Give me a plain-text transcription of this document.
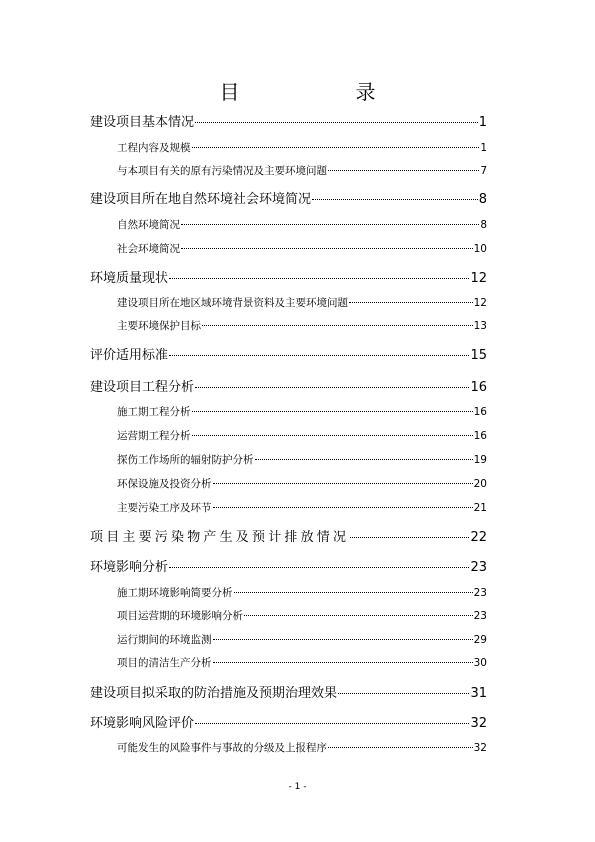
目　录
建设项目基本情况	1
工程内容及规模	1
与本项目有关的原有污染情况及主要环境问题	7
建设项目所在地自然环境社会环境简况	8
自然环境简况	8
社会环境简况	10
环境质量现状	12
建设项目所在地区域环境背景资料及主要环境问题	12
主要环境保护目标	13
评价适用标准	15
建设项目工程分析	16
施工期工程分析	16
运营期工程分析	16
探伤工作场所的辐射防护分析	19
环保设施及投资分析	20
主要污染工序及环节	21
项目主要污染物产生及预计排放情况	22
环境影响分析	23
施工期环境影响简要分析	23
项目运营期的环境影响分析	23
运行期间的环境监测	29
项目的清洁生产分析	30
建设项目拟采取的防治措施及预期治理效果	31
环境影响风险评价	32
可能发生的风险事件与事故的分级及上报程序	32
- 1 -
